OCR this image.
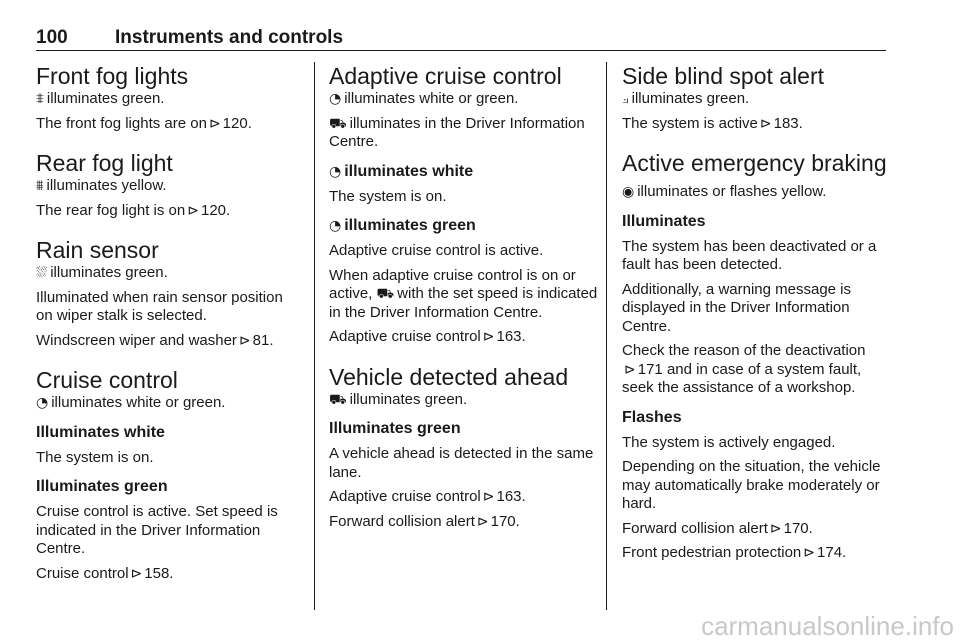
100 Instruments and controls
Front fog lights

⩨ illuminates green.

The front fog lights are on ⊳ 120.

Rear fog light

⩩ illuminates yellow.

The rear fog light is on ⊳ 120.

Rain sensor

⛆ illuminates green.

Illuminated when rain sensor position on wiper stalk is selected.

Windscreen wiper and washer ⊳ 81.

Cruise control

◔ illuminates white or green.

Illuminates white

The system is on.

Illuminates green

Cruise control is active. Set speed is indicated in the Driver Information Centre.

Cruise control ⊳ 158.

Adaptive cruise control

◔ illuminates white or green.

⛟ illuminates in the Driver Information Centre.

◔ illuminates white

The system is on.

◔ illuminates green

Adaptive cruise control is active.

When adaptive cruise control is on or active, ⛟ with the set speed is indicated in the Driver Information Centre.

Adaptive cruise control ⊳ 163.

Vehicle detected ahead

⛟ illuminates green.

Illuminates green

A vehicle ahead is detected in the same lane.

Adaptive cruise control ⊳ 163.

Forward collision alert ⊳ 170.

Side blind spot alert

⟓ illuminates green.

The system is active ⊳ 183.

Active emergency braking

◉ illuminates or flashes yellow.

Illuminates

The system has been deactivated or a fault has been detected.

Additionally, a warning message is displayed in the Driver Information Centre.

Check the reason of the deactivation ⊳ 171 and in case of a system fault, seek the assistance of a workshop.

Flashes

The system is actively engaged.

Depending on the situation, the vehicle may automatically brake moderately or hard.

Forward collision alert ⊳ 170.

Front pedestrian protection ⊳ 174.

carmanualsonline.info
